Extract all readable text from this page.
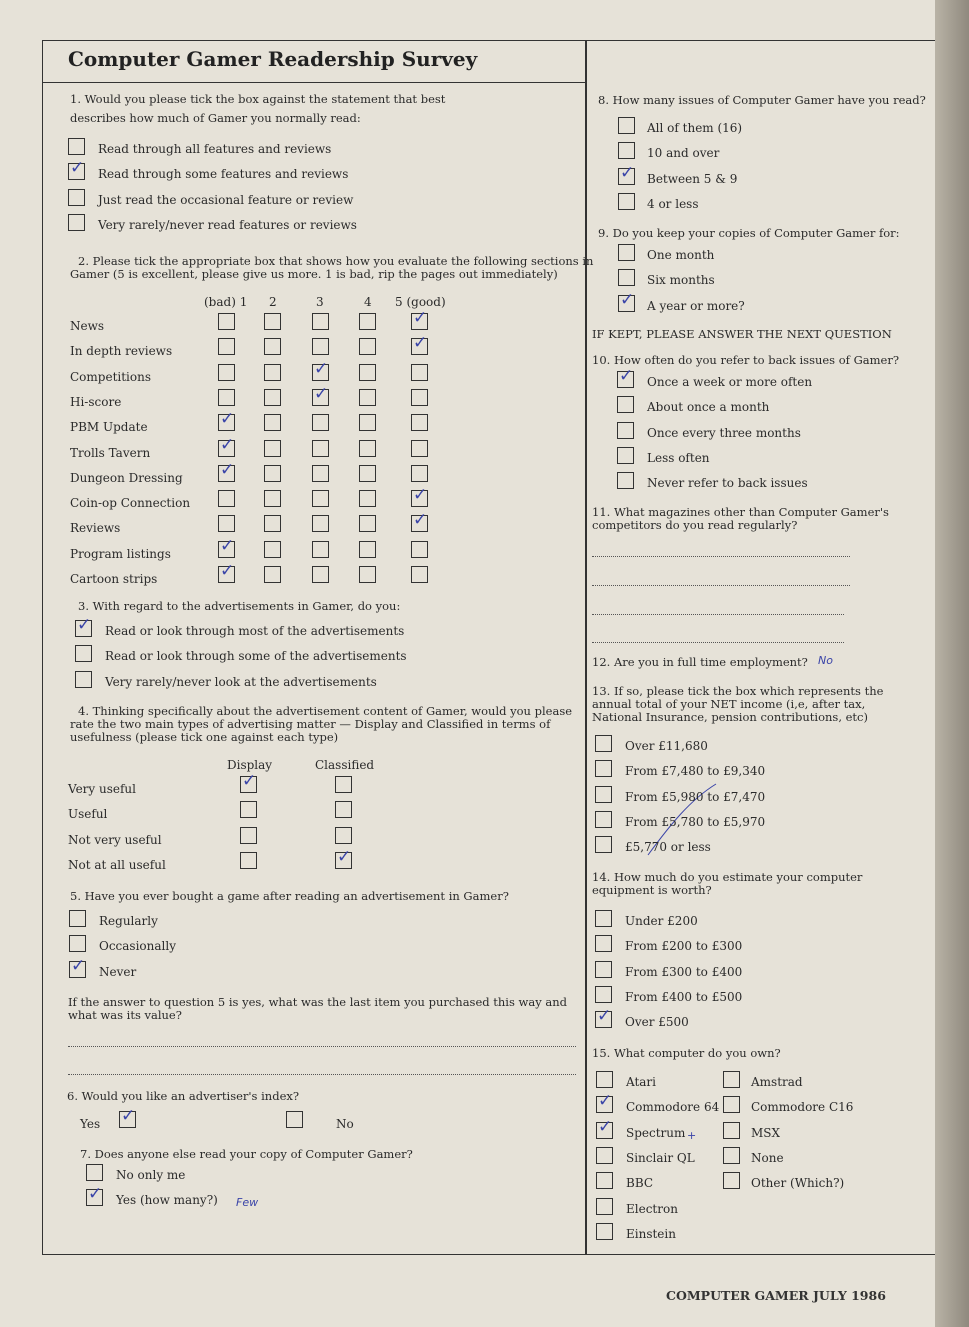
Computer Gamer Readership Survey
1. Would you please tick the box against the statement that best
describes how much of Gamer you normally read:
2. Please tick the appropriate box that shows how you evaluate the following sections in
Gamer (5 is excellent, please give us more. 1 is bad, rip the pages out immediately)
3. With regard to the advertisements in Gamer, do you:
4. Thinking specifically about the advertisement content of Gamer, would you please
rate the two main types of advertising matter — Display and Classified in terms of
usefulness (please tick one against each type)
Display	Classified
5. Have you ever bought a game after reading an advertisement in Gamer?
If the answer to question 5 is yes, what was the last item you purchased this way and
what was its value?
6. Would you like an advertiser's index?
Yes
✓	No
7. Does anyone else read your copy of Computer Gamer?
Few
8. How many issues of Computer Gamer have you read?
9. Do you keep your copies of Computer Gamer for:
IF KEPT, PLEASE ANSWER THE NEXT QUESTION
10. How often do you refer to back issues of Gamer?
11. What magazines other than Computer Gamer's
competitors do you read regularly?
12. Are you in full time employment? No
13. If so, please tick the box which represents the
annual total of your NET income (i,e, after tax,
National Insurance, pension contributions, etc)
14. How much do you estimate your computer
equipment is worth?
15. What computer do you own?
+
COMPUTER GAMER JULY 1986
Read through all features and reviews
✓
Read through some features and reviews
Just read the occasional feature or review
Very rarely/never read features or reviews
(bad) 1 2	3	4 5 (good)
News
✓
In depth reviews
✓
Competitions
✓
Hi-score
✓
PBM Update
✓
Trolls Tavern
✓
Dungeon Dressing
✓
Coin-op Connection
✓
Reviews
✓
Program listings
✓
Cartoon strips
✓
✓
Read or look through most of the advertisements
Read or look through some of the advertisements
Very rarely/never look at the advertisements
Very useful
✓
Useful
Not very useful
Not at all useful
✓
Regularly
Occasionally
✓
Never
No only me
✓
Yes (how many?)
All of them (16)
10 and over
✓
Between 5 & 9
4 or less
One month
Six months
✓
A year or more?
✓
Once a week or more often
About once a month
Once every three months
Less often
Never refer to back issues
Over £11,680
From £7,480 to £9,340
From £5,980 to £7,470
From £5,780 to £5,970
£5,770 or less
Under £200
From £200 to £300
From £300 to £400
From £400 to £500
✓
Over £500
Atari
✓
Commodore 64
✓
Spectrum
Sinclair QL
BBC
Electron
Einstein
Amstrad
Commodore C16
MSX
None
Other (Which?)
